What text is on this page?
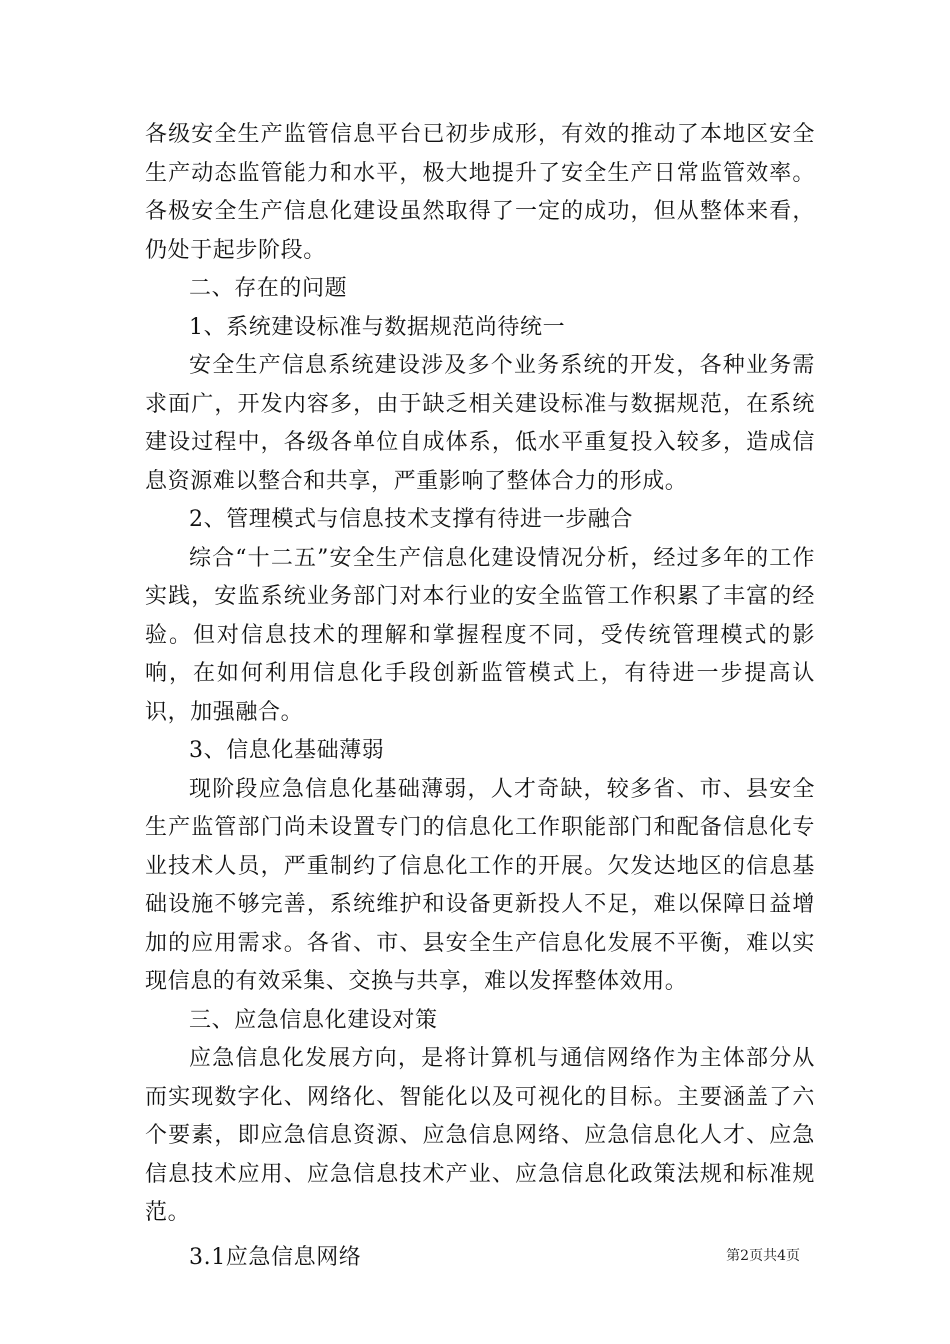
各级安全生产监管信息平台已初步成形，有效的推动了本地区安全生产动态监管能力和水平，极大地提升了安全生产日常监管效率。各极安全生产信息化建设虽然取得了一定的成功，但从整体来看，仍处于起步阶段。

二、存在的问题

1、系统建设标准与数据规范尚待统一

安全生产信息系统建设涉及多个业务系统的开发，各种业务需求面广，开发内容多，由于缺乏相关建设标准与数据规范，在系统建设过程中，各级各单位自成体系，低水平重复投入较多，造成信息资源难以整合和共享，严重影响了整体合力的形成。

2、管理模式与信息技术支撑有待进一步融合

综合“十二五”安全生产信息化建设情况分析，经过多年的工作实践，安监系统业务部门对本行业的安全监管工作积累了丰富的经验。但对信息技术的理解和掌握程度不同，受传统管理模式的影响，在如何利用信息化手段创新监管模式上，有待进一步提高认识，加强融合。

3、信息化基础薄弱

现阶段应急信息化基础薄弱，人才奇缺，较多省、市、县安全生产监管部门尚未设置专门的信息化工作职能部门和配备信息化专业技术人员，严重制约了信息化工作的开展。欠发达地区的信息基础设施不够完善，系统维护和设备更新投人不足，难以保障日益增加的应用需求。各省、市、县安全生产信息化发展不平衡，难以实现信息的有效采集、交换与共享，难以发挥整体效用。

三、应急信息化建设对策

应急信息化发展方向，是将计算机与通信网络作为主体部分从而实现数字化、网络化、智能化以及可视化的目标。主要涵盖了六个要素，即应急信息资源、应急信息网络、应急信息化人才、应急信息技术应用、应急信息技术产业、应急信息化政策法规和标准规范。

3.1应急信息网络	第2页共4页
